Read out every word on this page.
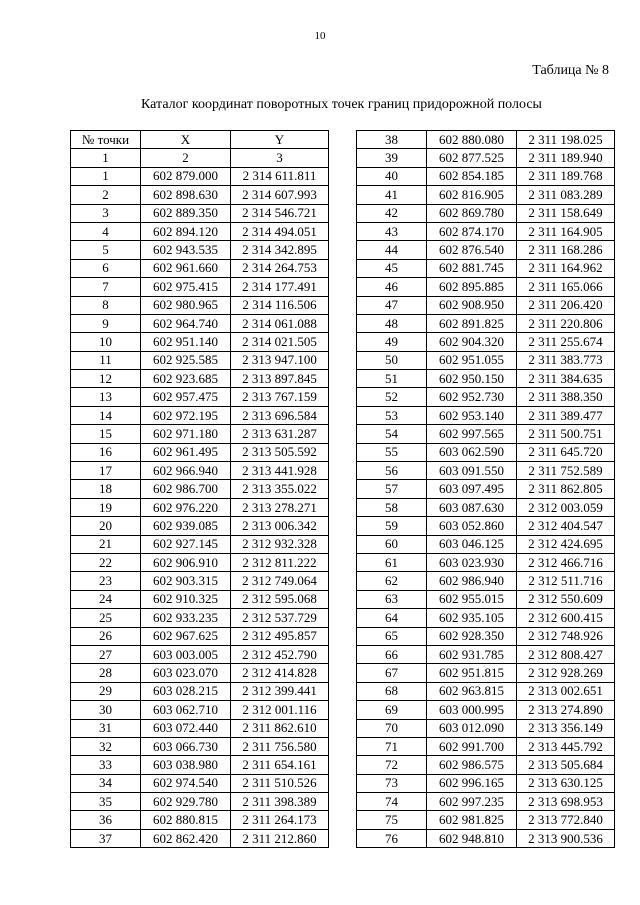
10
Таблица № 8
Каталог координат поворотных точек границ придорожной полосы
№ точки	X	Y
1	2	3
1	602 879.000	2 314 611.811
2	602 898.630	2 314 607.993
3	602 889.350	2 314 546.721
4	602 894.120	2 314 494.051
5	602 943.535	2 314 342.895
6	602 961.660	2 314 264.753
7	602 975.415	2 314 177.491
8	602 980.965	2 314 116.506
9	602 964.740	2 314 061.088
10	602 951.140	2 314 021.505
11	602 925.585	2 313 947.100
12	602 923.685	2 313 897.845
13	602 957.475	2 313 767.159
14	602 972.195	2 313 696.584
15	602 971.180	2 313 631.287
16	602 961.495	2 313 505.592
17	602 966.940	2 313 441.928
18	602 986.700	2 313 355.022
19	602 976.220	2 313 278.271
20	602 939.085	2 313 006.342
21	602 927.145	2 312 932.328
22	602 906.910	2 312 811.222
23	602 903.315	2 312 749.064
24	602 910.325	2 312 595.068
25	602 933.235	2 312 537.729
26	602 967.625	2 312 495.857
27	603 003.005	2 312 452.790
28	603 023.070	2 312 414.828
29	603 028.215	2 312 399.441
30	603 062.710	2 312 001.116
31	603 072.440	2 311 862.610
32	603 066.730	2 311 756.580
33	603 038.980	2 311 654.161
34	602 974.540	2 311 510.526
35	602 929.780	2 311 398.389
36	602 880.815	2 311 264.173
37	602 862.420	2 311 212.860
38	602 880.080	2 311 198.025
39	602 877.525	2 311 189.940
40	602 854.185	2 311 189.768
41	602 816.905	2 311 083.289
42	602 869.780	2 311 158.649
43	602 874.170	2 311 164.905
44	602 876.540	2 311 168.286
45	602 881.745	2 311 164.962
46	602 895.885	2 311 165.066
47	602 908.950	2 311 206.420
48	602 891.825	2 311 220.806
49	602 904.320	2 311 255.674
50	602 951.055	2 311 383.773
51	602 950.150	2 311 384.635
52	602 952.730	2 311 388.350
53	602 953.140	2 311 389.477
54	602 997.565	2 311 500.751
55	603 062.590	2 311 645.720
56	603 091.550	2 311 752.589
57	603 097.495	2 311 862.805
58	603 087.630	2 312 003.059
59	603 052.860	2 312 404.547
60	603 046.125	2 312 424.695
61	603 023.930	2 312 466.716
62	602 986.940	2 312 511.716
63	602 955.015	2 312 550.609
64	602 935.105	2 312 600.415
65	602 928.350	2 312 748.926
66	602 931.785	2 312 808.427
67	602 951.815	2 312 928.269
68	602 963.815	2 313 002.651
69	603 000.995	2 313 274.890
70	603 012.090	2 313 356.149
71	602 991.700	2 313 445.792
72	602 986.575	2 313 505.684
73	602 996.165	2 313 630.125
74	602 997.235	2 313 698.953
75	602 981.825	2 313 772.840
76	602 948.810	2 313 900.536
